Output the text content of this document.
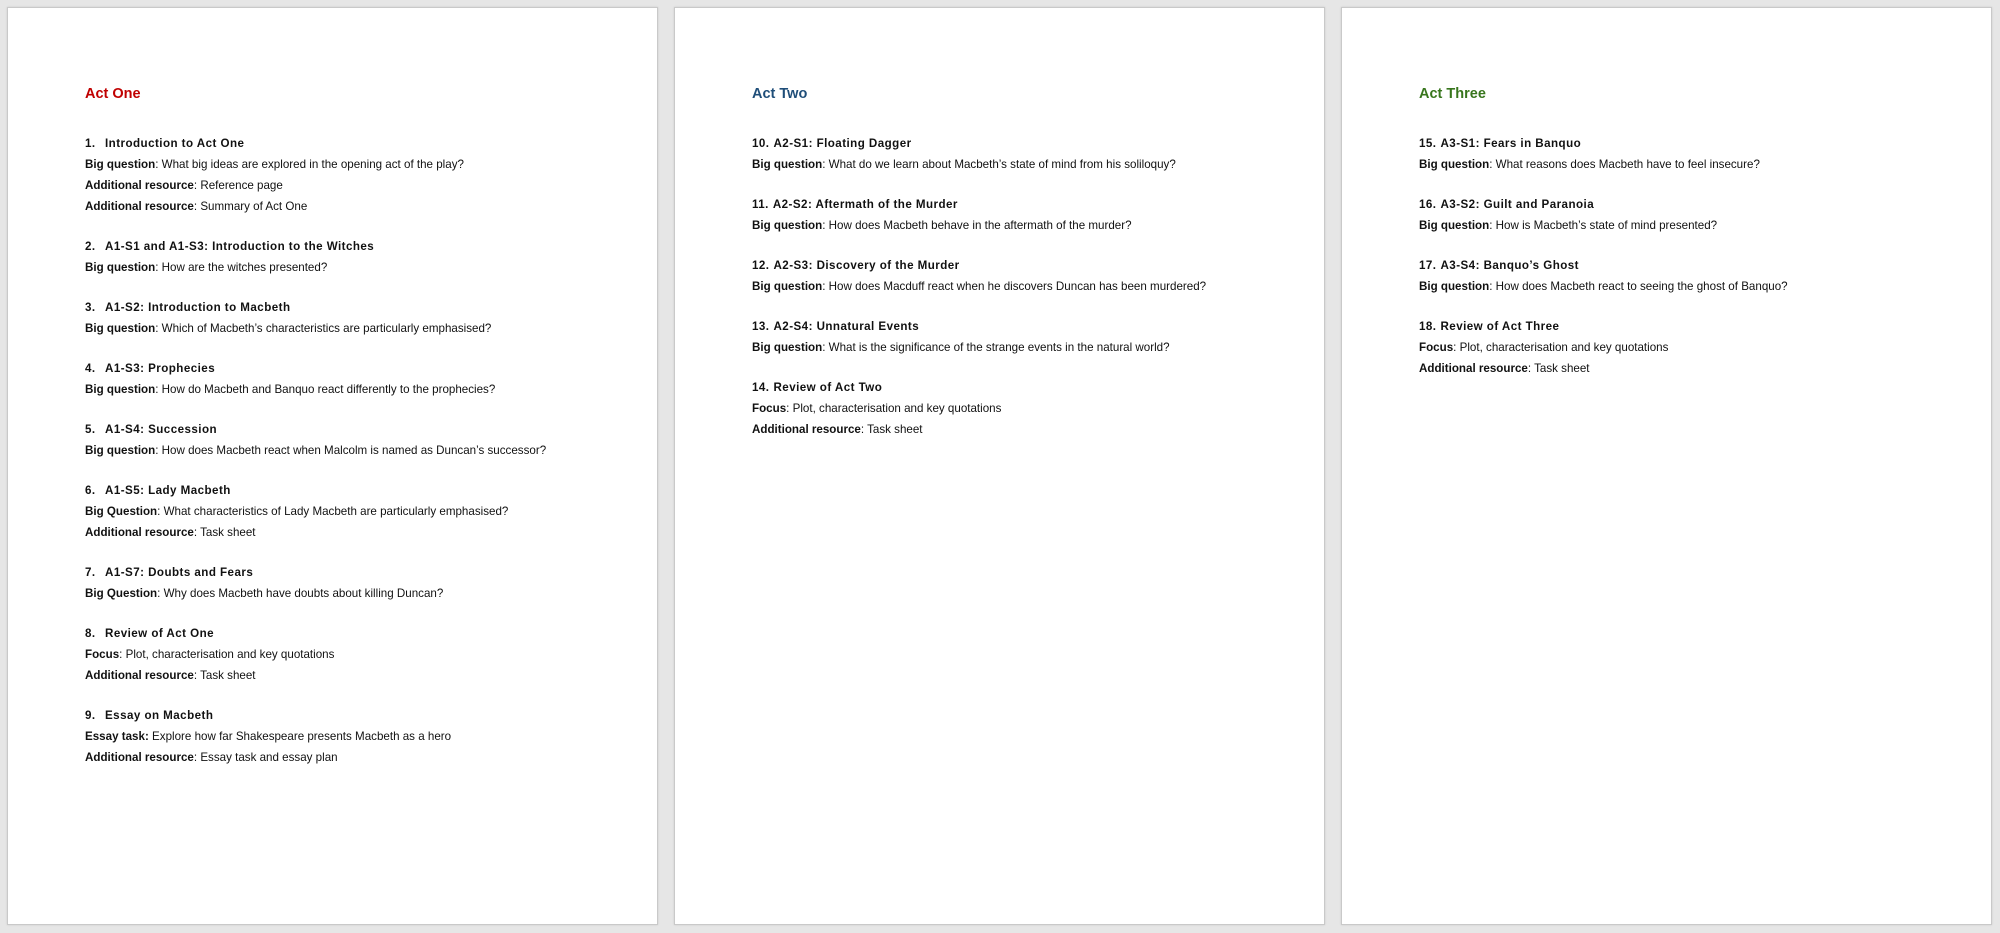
Act One
1. Introduction to Act One
Big question: What big ideas are explored in the opening act of the play?
Additional resource: Reference page
Additional resource: Summary of Act One
2. A1-S1 and A1-S3: Introduction to the Witches
Big question: How are the witches presented?
3. A1-S2: Introduction to Macbeth
Big question: Which of Macbeth’s characteristics are particularly emphasised?
4. A1-S3: Prophecies
Big question: How do Macbeth and Banquo react differently to the prophecies?
5. A1-S4: Succession
Big question: How does Macbeth react when Malcolm is named as Duncan’s successor?
6. A1-S5: Lady Macbeth
Big Question: What characteristics of Lady Macbeth are particularly emphasised?
Additional resource: Task sheet
7. A1-S7: Doubts and Fears
Big Question: Why does Macbeth have doubts about killing Duncan?
8. Review of Act One
Focus: Plot, characterisation and key quotations
Additional resource: Task sheet
9. Essay on Macbeth
Essay task: Explore how far Shakespeare presents Macbeth as a hero
Additional resource: Essay task and essay plan
Act Two
10. A2-S1: Floating Dagger
Big question: What do we learn about Macbeth’s state of mind from his soliloquy?
11. A2-S2: Aftermath of the Murder
Big question: How does Macbeth behave in the aftermath of the murder?
12. A2-S3: Discovery of the Murder
Big question: How does Macduff react when he discovers Duncan has been murdered?
13. A2-S4: Unnatural Events
Big question: What is the significance of the strange events in the natural world?
14. Review of Act Two
Focus: Plot, characterisation and key quotations
Additional resource: Task sheet
Act Three
15. A3-S1: Fears in Banquo
Big question: What reasons does Macbeth have to feel insecure?
16. A3-S2: Guilt and Paranoia
Big question: How is Macbeth’s state of mind presented?
17. A3-S4: Banquo’s Ghost
Big question: How does Macbeth react to seeing the ghost of Banquo?
18. Review of Act Three
Focus: Plot, characterisation and key quotations
Additional resource: Task sheet
